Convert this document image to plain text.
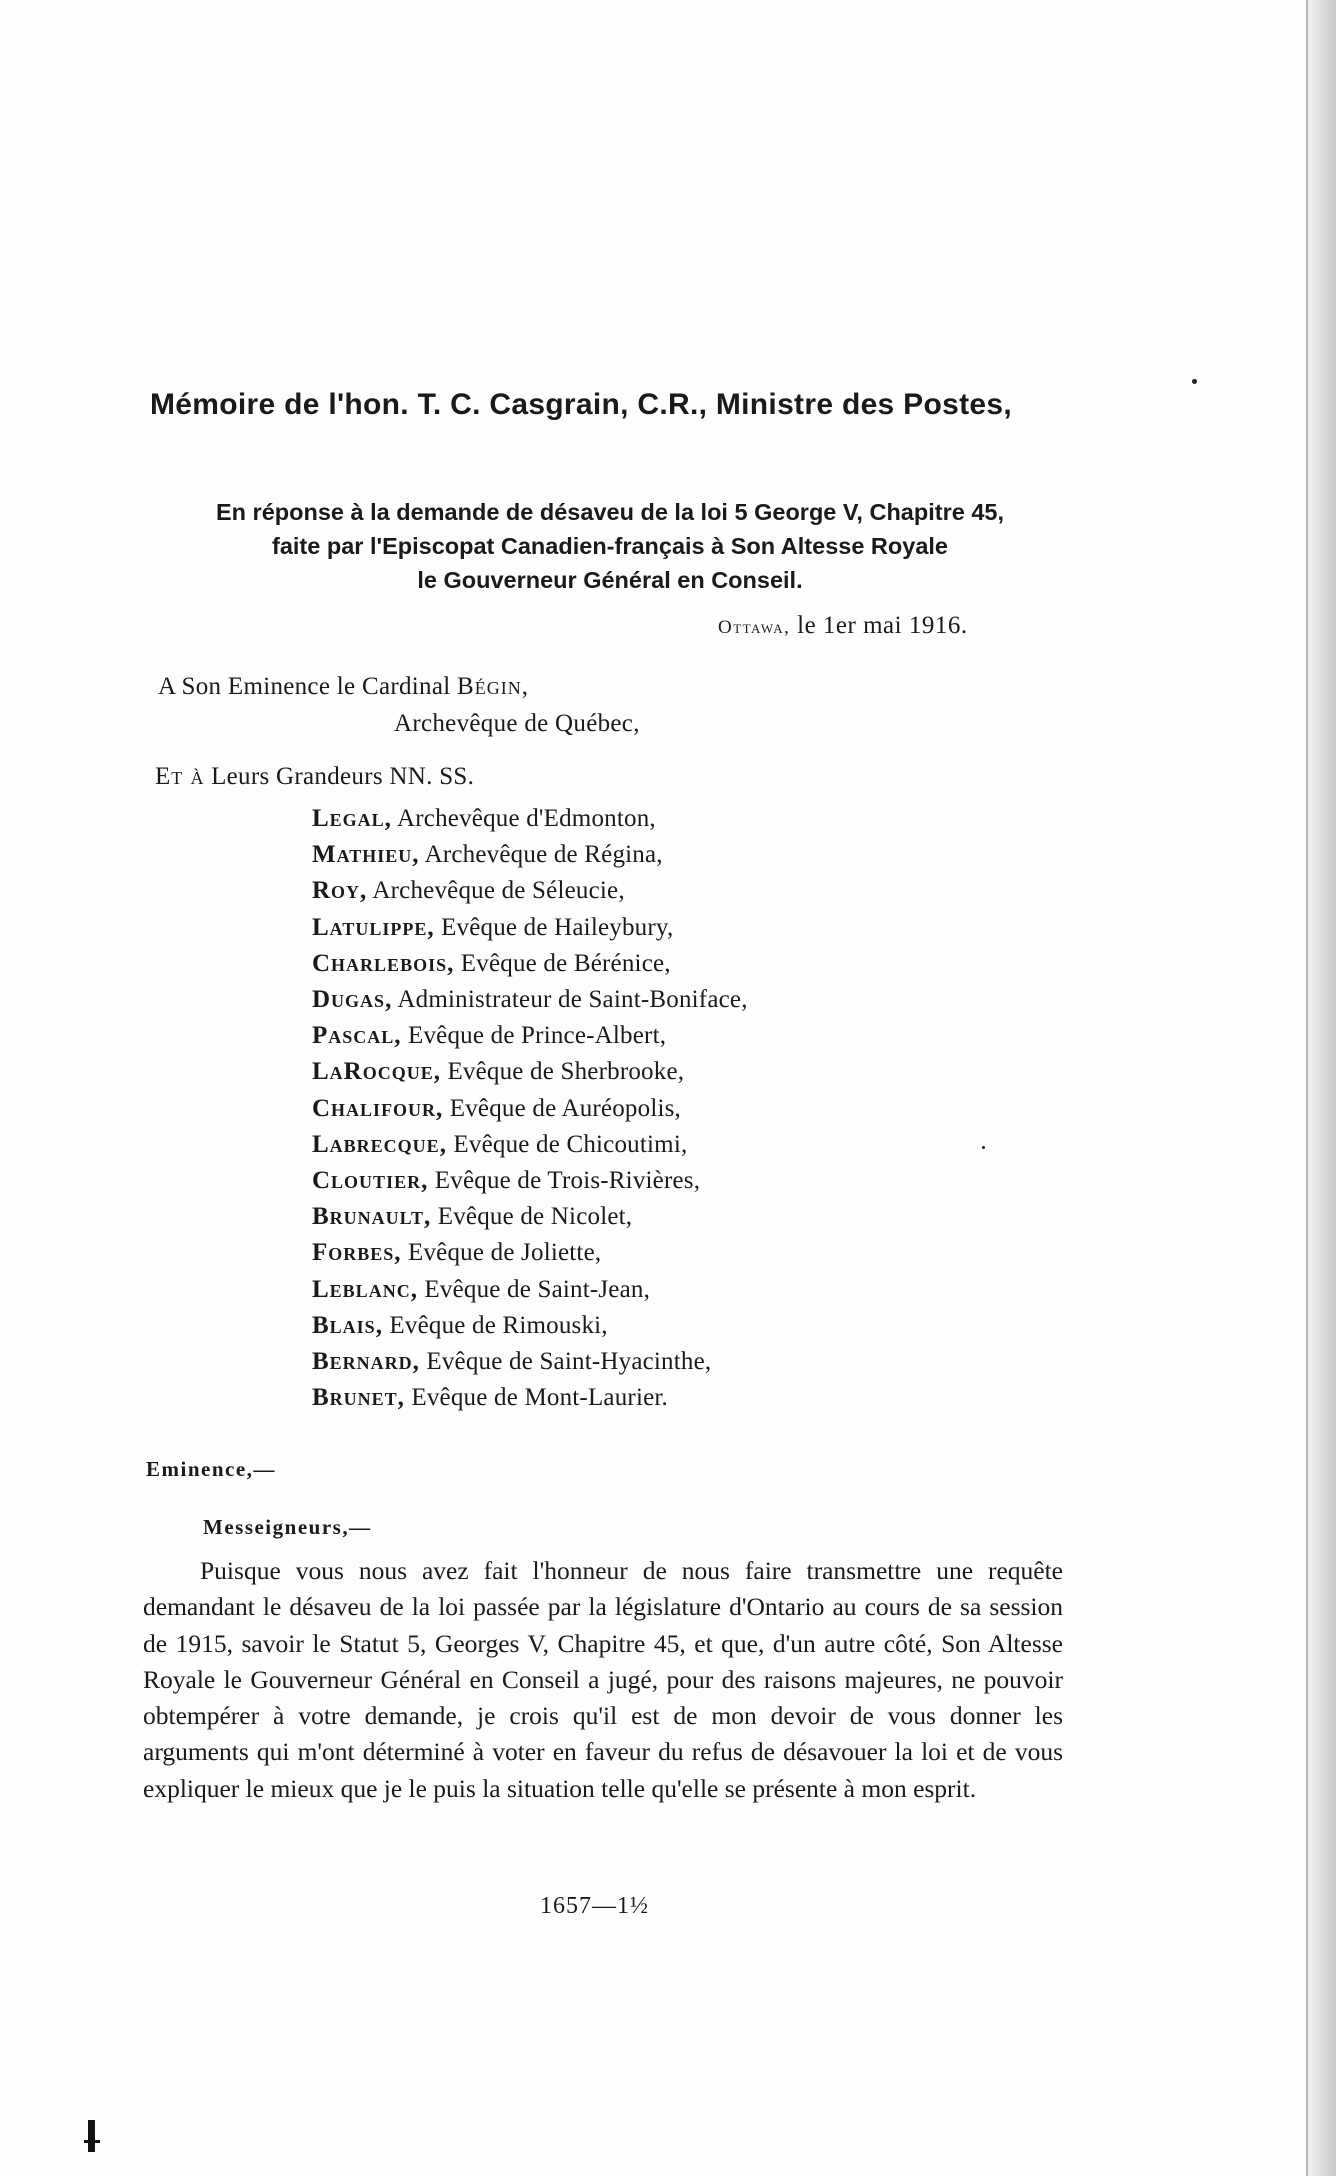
Mémoire de l'hon. T. C. Casgrain, C.R., Ministre des Postes,
En réponse à la demande de désaveu de la loi 5 George V, Chapitre 45,
faite par l'Episcopat Canadien-français à Son Altesse Royale
le Gouverneur Général en Conseil.
Ottawa, le 1er mai 1916.
A Son Eminence le Cardinal Bégin,
Archevêque de Québec,
Et à Leurs Grandeurs NN. SS.
Legal, Archevêque d'Edmonton,
Mathieu, Archevêque de Régina,
Roy, Archevêque de Séleucie,
Latulippe, Evêque de Haileybury,
Charlebois, Evêque de Bérénice,
Dugas, Administrateur de Saint-Boniface,
Pascal, Evêque de Prince-Albert,
LaRocque, Evêque de Sherbrooke,
Chalifour, Evêque de Auréopolis,
Labrecque, Evêque de Chicoutimi,
Cloutier, Evêque de Trois-Rivières,
Brunault, Evêque de Nicolet,
Forbes, Evêque de Joliette,
Leblanc, Evêque de Saint-Jean,
Blais, Evêque de Rimouski,
Bernard, Evêque de Saint-Hyacinthe,
Brunet, Evêque de Mont-Laurier.
Eminence,—
Messeigneurs,—

Puisque vous nous avez fait l'honneur de nous faire transmettre une requête demandant le désaveu de la loi passée par la législature d'Ontario au cours de sa session de 1915, savoir le Statut 5, Georges V, Chapitre 45, et que, d'un autre côté, Son Altesse Royale le Gouverneur Général en Conseil a jugé, pour des raisons majeures, ne pouvoir obtempérer à votre demande, je crois qu'il est de mon devoir de vous donner les arguments qui m'ont déterminé à voter en faveur du refus de désavouer la loi et de vous expliquer le mieux que je le puis la situation telle qu'elle se présente à mon esprit.

1657—1½
